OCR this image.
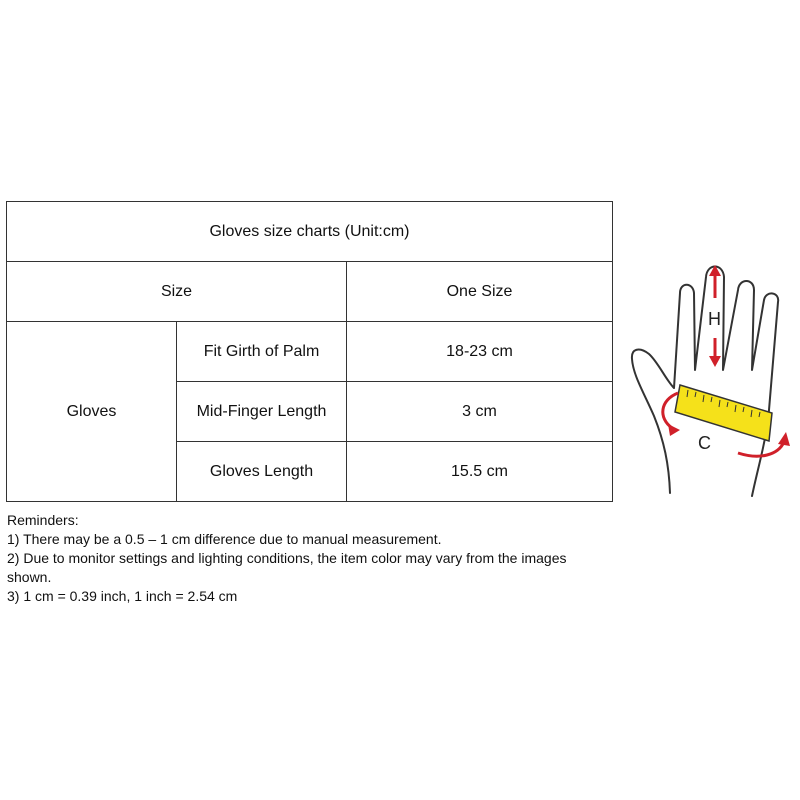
Gloves size charts (Unit:cm)		
Size		One Size
Gloves	Fit Girth of Palm	18-23 cm
	Mid-Finger Length	3 cm
	Gloves Length	15.5 cm
Reminders:
1) There may be a 0.5 – 1 cm difference due to manual measurement.
2) Due to monitor settings and lighting conditions, the item color may vary from the images shown.
3) 1 cm = 0.39 inch, 1 inch = 2.54 cm
H
C
